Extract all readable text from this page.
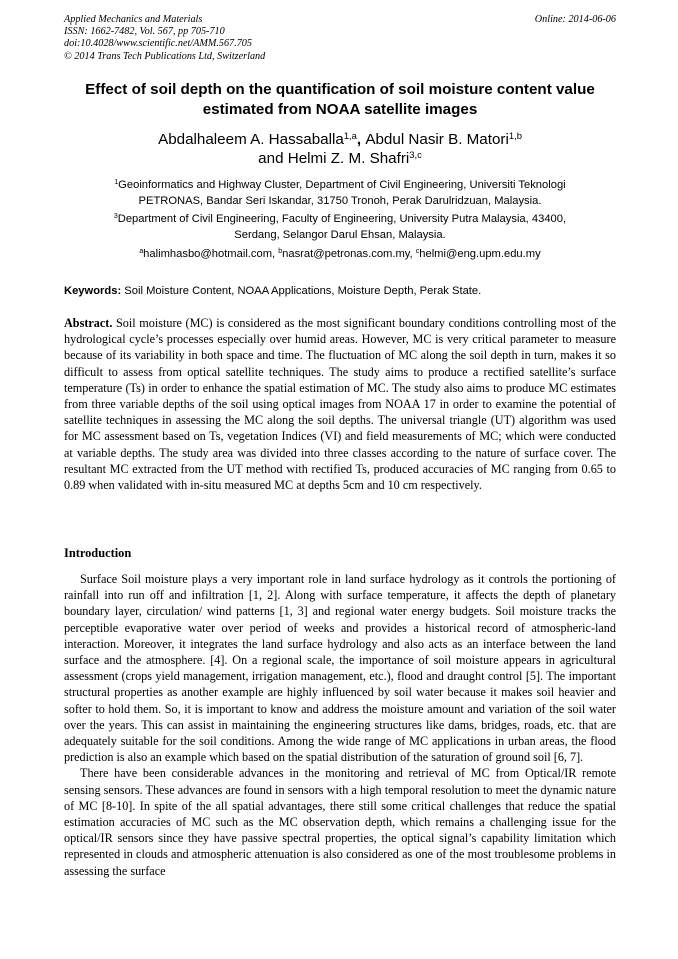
Applied Mechanics and Materials
ISSN: 1662-7482, Vol. 567, pp 705-710
doi:10.4028/www.scientific.net/AMM.567.705
© 2014 Trans Tech Publications Ltd, Switzerland
Online: 2014-06-06
Effect of soil depth on the quantification of soil moisture content value
estimated from NOAA satellite images
Abdalhaleem A. Hassaballa$^{1,a}$, Abdul Nasir B. Matori$^{1,b}$
and Helmi Z. M. Shafri$^{3,c}$
$^1$Geoinformatics and Highway Cluster, Department of Civil Engineering, Universiti Teknologi
PETRONAS, Bandar Seri Iskandar, 31750 Tronoh, Perak Darulridzuan, Malaysia.
$^3$Department of Civil Engineering, Faculty of Engineering, University Putra Malaysia, 43400,
Serdang, Selangor Darul Ehsan, Malaysia.
$^a$halimhasbo@hotmail.com, $^b$nasrat@petronas.com.my, $^c$helmi@eng.upm.edu.my
Keywords: Soil Moisture Content, NOAA Applications, Moisture Depth, Perak State.
Abstract. Soil moisture (MC) is considered as the most significant boundary conditions controlling most of the hydrological cycle’s processes especially over humid areas. However, MC is very critical parameter to measure because of its variability in both space and time. The fluctuation of MC along the soil depth in turn, makes it so difficult to assess from optical satellite techniques. The study aims to produce a rectified satellite’s surface temperature (Ts) in order to enhance the spatial estimation of MC. The study also aims to produce MC estimates from three variable depths of the soil using optical images from NOAA 17 in order to examine the potential of satellite techniques in assessing the MC along the soil depths. The universal triangle (UT) algorithm was used for MC assessment based on Ts, vegetation Indices (VI) and field measurements of MC; which were conducted at variable depths. The study area was divided into three classes according to the nature of surface cover. The resultant MC extracted from the UT method with rectified Ts, produced accuracies of MC ranging from 0.65 to 0.89 when validated with in-situ measured MC at depths 5cm and 10 cm respectively.
Introduction

Surface Soil moisture plays a very important role in land surface hydrology as it controls the portioning of rainfall into run off and infiltration [1, 2]. Along with surface temperature, it affects the depth of planetary boundary layer, circulation/ wind patterns [1, 3] and regional water energy budgets. Soil moisture tracks the perceptible evaporative water over period of weeks and provides a historical record of atmospheric-land interaction. Moreover, it integrates the land surface hydrology and also acts as an interface between the land surface and the atmosphere. [4]. On a regional scale, the importance of soil moisture appears in agricultural assessment (crops yield management, irrigation management, etc.), flood and draught control [5]. The important structural properties as another example are highly influenced by soil water because it makes soil heavier and softer to hold them. So, it is important to know and address the moisture amount and variation of the soil water over the years. This can assist in maintaining the engineering structures like dams, bridges, roads, etc. that are adequately suitable for the soil conditions. Among the wide range of MC applications in urban areas, the flood prediction is also an example which based on the spatial distribution of the saturation of ground soil [6, 7].

There have been considerable advances in the monitoring and retrieval of MC from Optical/IR remote sensing sensors. These advances are found in sensors with a high temporal resolution to meet the dynamic nature of MC [8-10]. In spite of the all spatial advantages, there still some critical challenges that reduce the spatial estimation accuracies of MC such as the MC observation depth, which remains a challenging issue for the optical/IR sensors since they have passive spectral properties, the optical signal’s capability limitation which represented in clouds and atmospheric attenuation is also considered as one of the most troublesome problems in assessing the surface
